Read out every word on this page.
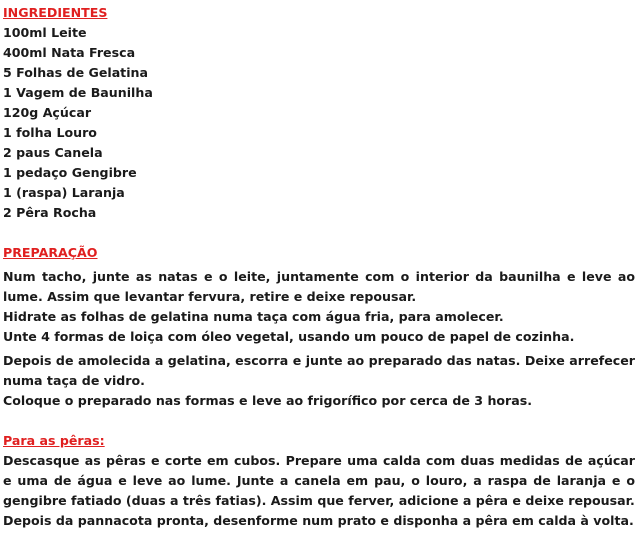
INGREDIENTES
100ml Leite
400ml Nata Fresca
5 Folhas de Gelatina
1 Vagem de Baunilha
120g Açúcar
1 folha Louro
2 paus Canela
1 pedaço Gengibre
1 (raspa) Laranja
2 Pêra Rocha
PREPARAÇÃO
Num tacho, junte as natas e o leite, juntamente com o interior da baunilha e leve ao lume. Assim que levantar fervura, retire e deixe repousar.
Hidrate as folhas de gelatina numa taça com água fria, para amolecer.
Unte 4 formas de loiça com óleo vegetal, usando um pouco de papel de cozinha.
Depois de amolecida a gelatina, escorra e junte ao preparado das natas. Deixe arrefecer numa taça de vidro.
Coloque o preparado nas formas e leve ao frigorífico por cerca de 3 horas.
Para as pêras:
Descasque as pêras e corte em cubos. Prepare uma calda com duas medidas de açúcar e uma de água e leve ao lume. Junte a canela em pau, o louro, a raspa de laranja e o gengibre fatiado (duas a três fatias). Assim que ferver, adicione a pêra e deixe repousar.
Depois da pannacota pronta, desenforme num prato e disponha a pêra em calda à volta.
